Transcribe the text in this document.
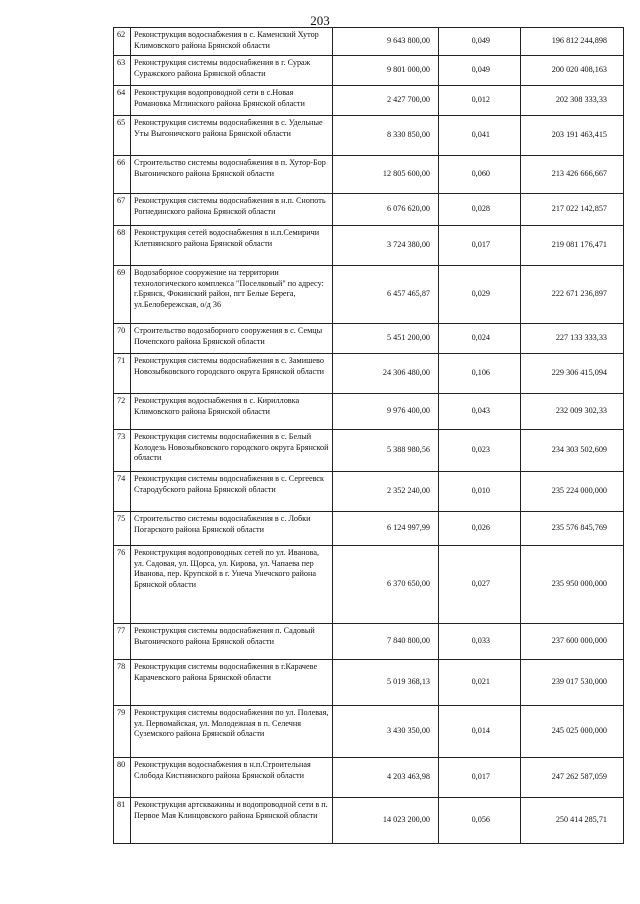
203
62	Реконструкция водоснабжения в с. Каменский Хутор Климовского района Брянской области	9 643 800,00	0,049	196 812 244,898
63	Реконструкция системы водоснабжения в г. Сураж Суражского района Брянской области	9 801 000,00	0,049	200 020 408,163
64	Реконструкция водопроводной сети в с.Новая Романовка Мглинского района Брянской области	2 427 700,00	0,012	202 308 333,33
65	Реконструкция системы водоснабжения в с. Удельные Уты Выгоничского района Брянской области	8 330 850,00	0,041	203 191 463,415
66	Строительство системы водоснабжения в п. Хутор-Бор Выгоничского района Брянской области	12 805 600,00	0,060	213 426 666,667
67	Реконструкция системы водоснабжения в н.п. Снопоть Рогнединского района Брянской области	6 076 620,00	0,028	217 022 142,857
68	Реконструкция сетей водоснабжения в н.п.Семиричи Клетнянского района Брянской области	3 724 380,00	0,017	219 081 176,471
69	Водозаборное сооружение на территории технологического комплекса "Поселковый" по адресу: г.Брянск, Фокинский район, пгт Белые Берега, ул.Белобережская, о/д 36	6 457 465,87	0,029	222 671 236,897
70	Строительство водозаборного сооружения в с. Семцы Почепского района Брянской области	5 451 200,00	0,024	227 133 333,33
71	Реконструкция системы водоснабжения в с. Замишево Новозыбковского городского округа Брянской области	24 306 480,00	0,106	229 306 415,094
72	Реконструкция водоснабжения в с. Кирилловка Климовского района Брянской области	9 976 400,00	0,043	232 009 302,33
73	Реконструкция системы водоснабжения в с. Белый Колодезь Новозыбковского городского округа Брянской области	5 388 980,56	0,023	234 303 502,609
74	Реконструкция системы водоснабжения в с. Сергеевск Стародубского района Брянской области	2 352 240,00	0,010	235 224 000,000
75	Строительство системы водоснабжения в с. Лобки Погарского района Брянской области	6 124 997,99	0,026	235 576 845,769
76	Реконструкция водопроводных сетей по ул. Иванова, ул. Садовая, ул. Щорса, ул. Кирова, ул. Чапаева пер Иванова, пер. Крупской в г. Унеча Унечского района Брянской области	6 370 650,00	0,027	235 950 000,000
77	Реконструкция системы водоснабжения п. Садовый Выгоничского района Брянской области	7 840 800,00	0,033	237 600 000,000
78	Реконструкция системы водоснабжения в г.Карачеве Карачевского района Брянской области	5 019 368,13	0,021	239 017 530,000
79	Реконструкция системы водоснабжения по ул. Полевая, ул. Первомайская, ул. Молодежная в п. Селечня Суземского района Брянской области	3 430 350,00	0,014	245 025 000,000
80	Реконструкция водоснабжения в н.п.Строительная Слобода Кистнянского района Брянской области	4 203 463,98	0,017	247 262 587,059
81	Реконструкция артскважины и водопроводной сети в п. Первое Мая Клинцовского района Брянской области	14 023 200,00	0,056	250 414 285,71
